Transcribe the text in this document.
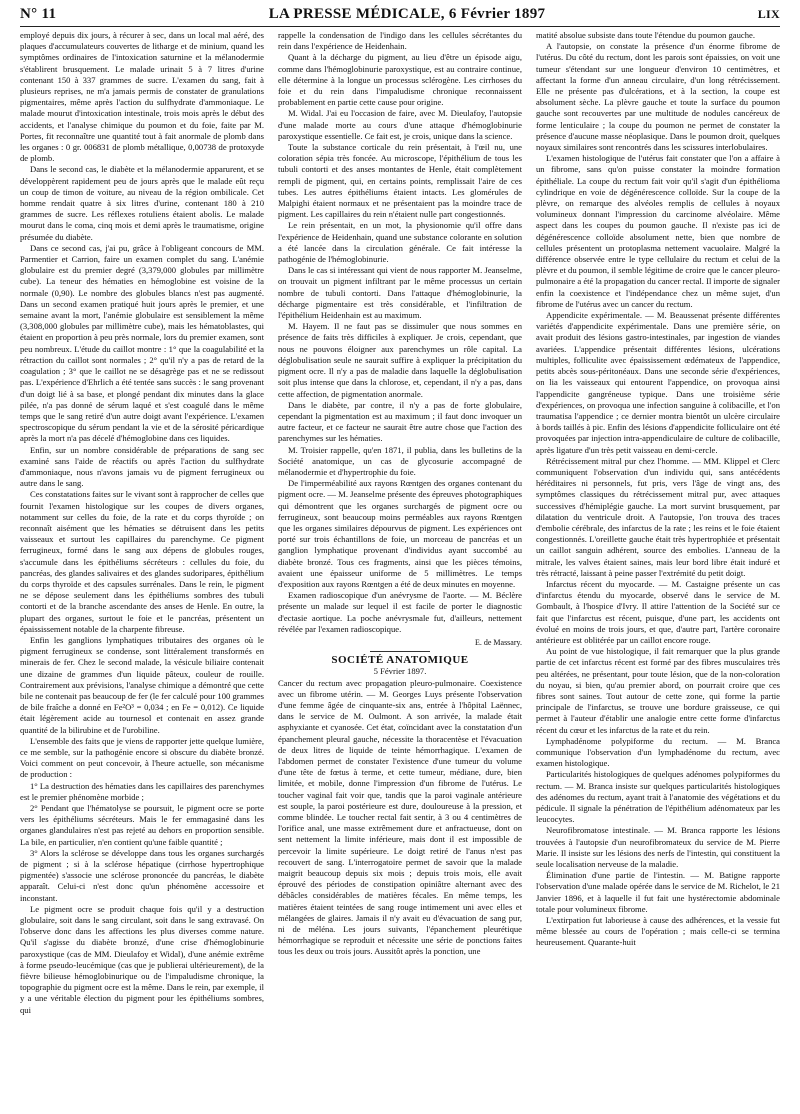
N° 11	LA PRESSE MÉDICALE, 6 Février 1897	LIX

employé depuis dix jours, à récurer à sec, dans un local mal aéré, des plaques d'accumulateurs couvertes de litharge et de minium, quand les symptômes ordinaires de l'intoxication saturnine et la mélanodermie s'établirent brusquement. Le malade urinait 5 à 7 litres d'urine contenant 150 à 337 grammes de sucre. L'examen du sang, fait à plusieurs reprises, ne m'a jamais permis de constater de granulations pigmentaires, même après l'action du sulfhydrate d'ammoniaque. Le malade mourut d'intoxication intestinale, trois mois après le début des accidents, et l'analyse chimique du poumon et du foie, faite par M. Portes, fit reconnaître une quantité tout à fait anormale de plomb dans les organes : 0 gr. 006831 de plomb métallique, 0,00738 de protoxyde de plomb.

Dans le second cas, le diabète et la mélanodermie apparurent, et se développèrent rapidement peu de jours après que le malade eût reçu un coup de timon de voiture, au niveau de la région ombilicale. Cet homme rendait quatre à six litres d'urine, contenant 180 à 210 grammes de sucre. Les réflexes rotuliens étaient abolis. Le malade mourut dans le coma, cinq mois et demi après le traumatisme, origine présumée du diabète.

Dans ce second cas, j'ai pu, grâce à l'obligeant concours de MM. Parmentier et Carrion, faire un examen complet du sang. L'anémie globulaire est du premier degré (3,379,000 globules par millimètre cube). La teneur des hématies en hémoglobine est voisine de la normale (0,90). Le nombre des globules blancs n'est pas augmenté. Dans un second examen pratiqué huit jours après le premier, et une semaine avant la mort, l'anémie globulaire est sensiblement la même (3,308,000 globules par millimètre cube), mais les hématoblastes, qui étaient en proportion à peu près normale, lors du premier examen, sont peu nombreux. L'étude du caillot montre : 1° que la coagulabilité et la rétraction du caillot sont normales ; 2° qu'il n'y a pas de retard de la coagulation ; 3° que le caillot ne se désagrège pas et ne se redissout pas. L'expérience d'Ehrlich a été tentée sans succès : le sang provenant d'un doigt lié à sa base, et plongé pendant dix minutes dans la glace pilée, n'a pas donné de sérum laqué et s'est coagulé dans le même temps que le sang retiré d'un autre doigt avant l'expérience. L'examen spectroscopique du sérum pendant la vie et de la sérosité péricardique après la mort n'a pas décelé d'hémoglobine dans ces liquides.

Enfin, sur un nombre considérable de préparations de sang sec examiné sans l'aide de réactifs ou après l'action du sulfhydrate d'ammoniaque, nous n'avons jamais vu de pigment ferrugineux ou autre dans le sang.

Ces constatations faites sur le vivant sont à rapprocher de celles que fournit l'examen histologique sur les coupes de divers organes, notamment sur celles du foie, de la rate et du corps thyroïde ; on reconnaît aisément que les hématies se détruisent dans les petits vaisseaux et surtout les capillaires du parenchyme. Ce pigment ferrugineux, formé dans le sang aux dépens de globules rouges, s'accumule dans les épithéliums sécréteurs : cellules du foie, du pancréas, des glandes salivaires et des glandes sudoripares, épithélium du corps thyroïde et des capsules surrénales. Dans le rein, le pigment ne se dépose seulement dans les épithéliums sombres des tubuli contorti et de la branche ascendante des anses de Henle. En outre, la plupart des organes, surtout le foie et le pancréas, présentent un épaississement notable de la charpente fibreuse.

Enfin les ganglions lymphatiques tributaires des organes où le pigment ferrugineux se condense, sont littéralement transformés en minerais de fer. Chez le second malade, la vésicule biliaire contenait une dizaine de grammes d'un liquide pâteux, couleur de rouille. Contrairement aux prévisions, l'analyse chimique a démontré que cette bile ne contenait pas beaucoup de fer (le fer calculé pour 100 grammes de bile fraîche a donné en Fe²O³ = 0,034 ; en Fe = 0,012). Ce liquide était légèrement acide au tournesol et contenait en assez grande quantité de la bilirubine et de l'urobiline.

L'ensemble des faits que je viens de rapporter jette quelque lumière, ce me semble, sur la pathogénie encore si obscure du diabète bronzé. Voici comment on peut concevoir, à l'heure actuelle, son mécanisme de production :

1° La destruction des hématies dans les capillaires des parenchymes est le premier phénomène morbide ;

2° Pendant que l'hématolyse se poursuit, le pigment ocre se porte vers les épithéliums sécréteurs. Mais le fer emmagasiné dans les organes glandulaires n'est pas rejeté au dehors en proportion sensible. La bile, en particulier, n'en contient qu'une faible quantité ;

3° Alors la sclérose se développe dans tous les organes surchargés de pigment ; si à la sclérose hépatique (cirrhose hypertrophique pigmentée) s'associe une sclérose prononcée du pancréas, le diabète apparaît. Celui-ci n'est donc qu'un phénomène accessoire et inconstant.

Le pigment ocre se produit chaque fois qu'il y a destruction globulaire, soit dans le sang circulant, soit dans le sang extravasé. On l'observe donc dans les affections les plus diverses comme nature. Qu'il s'agisse du diabète bronzé, d'une crise d'hémoglobinurie paroxystique (cas de MM. Dieulafoy et Widal), d'une anémie extrême à forme pseudo-leucémique (cas que je publierai ultérieurement), de la fièvre bilieuse hémoglobinurique ou de l'impaludisme chronique, la topographie du pigment ocre est la même. Dans le rein, par exemple, il y a une véritable élection du pigment pour les épithéliums sombres, qui

rappelle la condensation de l'indigo dans les cellules sécrétantes du rein dans l'expérience de Heidenhain.

Quant à la décharge du pigment, au lieu d'être un épisode aigu, comme dans l'hémoglobinurie paroxystique, est au contraire continue, elle détermine à la longue un processus sclérogène. Les cirrhoses du foie et du rein dans l'impaludisme chronique reconnaissent probablement en partie cette cause pour origine.

M. Widal. J'ai eu l'occasion de faire, avec M. Dieulafoy, l'autopsie d'une malade morte au cours d'une attaque d'hémoglobinurie paroxystique essentielle. Ce fait est, je crois, unique dans la science.

Toute la substance corticale du rein présentait, à l'œil nu, une coloration sépia très foncée. Au microscope, l'épithélium de tous les tubuli contorti et des anses montantes de Henle, était complètement rempli de pigment, qui, en certains points, remplissait l'aire de ces tubes. Les autres épithéliums étaient intacts. Les glomérules de Malpighi étaient normaux et ne présentaient pas la moindre trace de pigment. Les capillaires du rein n'étaient nulle part congestionnés.

Le rein présentait, en un mot, la physionomie qu'il offre dans l'expérience de Heidenhain, quand une substance colorante en solution a été lancée dans la circulation générale. Ce fait intéresse la pathogénie de l'hémoglobinurie.

Dans le cas si intéressant qui vient de nous rapporter M. Jeanselme, on trouvait un pigment infiltrant par le même processus un certain nombre de tubuli contorti. Dans l'attaque d'hémoglobinurie, la décharge pigmentaire est très considérable, et l'infiltration de l'épithélium Heidenhain est au maximum.

M. Hayem. Il ne faut pas se dissimuler que nous sommes en présence de faits très difficiles à expliquer. Je crois, cependant, que nous ne pouvons éloigner aux parenchymes un rôle capital. La déglobulisation seule ne saurait suffire à expliquer la précipitation du pigment ocre. Il n'y a pas de maladie dans laquelle la déglobulisation soit plus intense que dans la chlorose, et, cependant, il n'y a pas, dans cette affection, de pigmentation anormale.

Dans le diabète, par contre, il n'y a pas de forte globulaire, cependant la pigmentation est au maximum ; il faut donc invoquer un autre facteur, et ce facteur ne saurait être autre chose que l'action des parenchymes sur les hématies.

M. Troisier rappelle, qu'en 1871, il publia, dans les bulletins de la Société anatomique, un cas de glycosurie accompagné de mélanodermie et d'hypertrophie du foie.

De l'imperméabilité aux rayons Rœntgen des organes contenant du pigment ocre. — M. Jeanselme présente des épreuves photographiques qui démontrent que les organes surchargés de pigment ocre ou ferrugineux, sont beaucoup moins perméables aux rayons Rœntgen que les organes similaires dépourvus de pigment. Les expériences ont porté sur trois échantillons de foie, un morceau de pancréas et un ganglion lymphatique provenant d'individus ayant succombé au diabète bronzé. Tous ces fragments, ainsi que les pièces témoins, avaient une épaisseur uniforme de 5 millimètres. Le temps d'exposition aux rayons Rœntgen a été de deux minutes en moyenne.

Examen radioscopique d'un anévrysme de l'aorte. — M. Béclère présente un malade sur lequel il est facile de porter le diagnostic d'ectasie aortique. La poche anévrysmale fut, d'ailleurs, nettement révélée par l'examen radioscopique.

E. de Massary.

SOCIÉTÉ ANATOMIQUE

5 Février 1897.

Cancer du rectum avec propagation pleuro-pulmonaire. Coexistence avec un fibrome utérin. — M. Georges Luys présente l'observation d'une femme âgée de cinquante-six ans, entrée à l'hôpital Laënnec, dans le service de M. Oulmont. A son arrivée, la malade était asphyxiante et cyanosée. Cet état, coïncidant avec la constatation d'un épanchement pleural gauche, nécessite la thoracentèse et l'évacuation de deux litres de liquide de teinte hémorrhagique. L'examen de l'abdomen permet de constater l'existence d'une tumeur du volume d'une tête de fœtus à terme, et cette tumeur, médiane, dure, bien limitée, et mobile, donne l'impression d'un fibrome de l'utérus. Le toucher vaginal fait voir que, tandis que la paroi vaginale antérieure est souple, la paroi postérieure est dure, douloureuse à la pression, et comme blindée. Le toucher rectal fait sentir, à 3 ou 4 centimètres de l'orifice anal, une masse extrêmement dure et anfractueuse, dont on sent nettement la limite inférieure, mais dont il est impossible de percevoir la limite supérieure. Le doigt retiré de l'anus n'est pas recouvert de sang. L'interrogatoire permet de savoir que la malade maigrit beaucoup depuis six mois ; depuis trois mois, elle avait éprouvé des périodes de constipation opiniâtre alternant avec des débâcles considérables de matières fécales. En même temps, les matières étaient teintées de sang rouge intimement uni avec elles et mélangées de glaires. Jamais il n'y avait eu d'évacuation de sang pur, ni de méléna. Les jours suivants, l'épanchement pleurétique hémorrhagique se reproduit et nécessite une série de ponctions faites tous les deux ou trois jours. Aussitôt après la ponction, une

matité absolue subsiste dans toute l'étendue du poumon gauche.

A l'autopsie, on constate la présence d'un énorme fibrome de l'utérus. Du côté du rectum, dont les parois sont épaissies, on voit une tumeur s'étendant sur une longueur d'environ 10 centimètres, et affectant la forme d'un anneau circulaire, d'un long rétrécissement. Elle ne présente pas d'ulcérations, et à la section, la coupe est absolument sèche. La plèvre gauche et toute la surface du poumon gauche sont recouvertes par une multitude de nodules cancéreux de forme lenticulaire ; la coupe du poumon ne permet de constater la présence d'aucune masse néoplasique. Dans le poumon droit, quelques noyaux similaires sont rencontrés dans les scissures interlobulaires.

L'examen histologique de l'utérus fait constater que l'on a affaire à un fibrome, sans qu'on puisse constater la moindre formation épithéliale. La coupe du rectum fait voir qu'il s'agit d'un épithélioma cylindrique en voie de dégénérescence colloïde. Sur la coupe de la plèvre, on remarque des alvéoles remplis de cellules à noyaux volumineux donnant l'impression du carcinome alvéolaire. Même aspect dans les coupes du poumon gauche. Il n'existe pas ici de dégénérescence colloïde absolument nette, bien que nombre de cellules présentent un protoplasma nettement vacuolaire. Malgré la différence observée entre le type cellulaire du rectum et celui de la plèvre et du poumon, il semble légitime de croire que le cancer pleuro-pulmonaire a été la propagation du cancer rectal. Il importe de signaler enfin la coexistence et l'indépendance chez un même sujet, d'un fibrome de l'utérus avec un cancer du rectum.

Appendicite expérimentale. — M. Beaussenat présente différentes variétés d'appendicite expérimentale. Dans une première série, on avait produit des lésions gastro-intestinales, par ingestion de viandes avariées. L'appendice présentait différentes lésions, ulcérations multiples, folliculite avec épaississement œdémateux de l'appendice, petits abcès sous-péritonéaux. Dans une seconde série d'expériences, on lia les vaisseaux qui entourent l'appendice, on provoqua ainsi l'appendicite gangréneuse typique. Dans une troisième série d'expériences, on provoqua une infection sanguine à colibacille, et l'on traumatisa l'appendice ; ce dernier montra bientôt un ulcère circulaire à bords taillés à pic. Enfin des lésions d'appendicite folliculaire ont été provoquées par injection intra-appendiculaire de culture de colibacille, après ligature d'un très petit vaisseau en demi-cercle.

Rétrécissement mitral pur chez l'homme. — MM. Klippel et Clerc communiquent l'observation d'un individu qui, sans antécédents héréditaires ni personnels, fut pris, vers l'âge de vingt ans, des symptômes classiques du rétrécissement mitral pur, avec attaques successives d'hémiplégie gauche. La mort survint brusquement, par dilatation du ventricule droit. A l'autopsie, l'on trouva des traces d'embolie cérébrale, des infarctus de la rate ; les reins et le foie étaient congestionnés. L'oreillette gauche était très hypertrophiée et présentait un caillot sanguin adhérent, source des embolies. L'anneau de la mitrale, les valves étaient saines, mais leur bord libre était induré et très rétracté, laissant à peine passer l'extrémité du petit doigt.

Infarctus récent du myocarde. — M. Castaigne présente un cas d'infarctus étendu du myocarde, observé dans le service de M. Gombault, à l'hospice d'Ivry. Il attire l'attention de la Société sur ce fait que l'infarctus est récent, puisque, d'une part, les accidents ont évolué en moins de trois jours, et que, d'autre part, l'artère coronaire antérieure est oblitérée par un caillot encore rouge.

Au point de vue histologique, il fait remarquer que la plus grande partie de cet infarctus récent est formé par des fibres musculaires très peu altérées, ne présentant, pour toute lésion, que de la non-coloration du noyau, si bien, qu'au premier abord, on pourrait croire que ces fibres sont saines. Tout autour de cette zone, qui forme la partie principale de l'infarctus, se trouve une bordure graisseuse, ce qui permet à l'auteur d'établir une analogie entre cette forme d'infarctus récent du cœur et les infarctus de la rate et du rein.

Lymphadénome polypiforme du rectum. — M. Branca communique l'observation d'un lymphadénome du rectum, avec examen histologique.

Particularités histologiques de quelques adénomes polypiformes du rectum. — M. Branca insiste sur quelques particularités histologiques des adénomes du rectum, ayant trait à l'anatomie des végétations et du pédicule. Il signale la pénétration de l'épithélium adénomateux par les leucocytes.

Neurofibromatose intestinale. — M. Branca rapporte les lésions trouvées à l'autopsie d'un neurofibromateux du service de M. Pierre Marie. Il insiste sur les lésions des nerfs de l'intestin, qui constituent la seule localisation nerveuse de la maladie.

Élimination d'une partie de l'intestin. — M. Batigne rapporte l'observation d'une malade opérée dans le service de M. Richelot, le 21 Janvier 1896, et à laquelle il fut fait une hystérectomie abdominale totale pour volumineux fibrome.

L'extirpation fut laborieuse à cause des adhérences, et la vessie fut même blessée au cours de l'opération ; mais celle-ci se termina heureusement. Quarante-huit
